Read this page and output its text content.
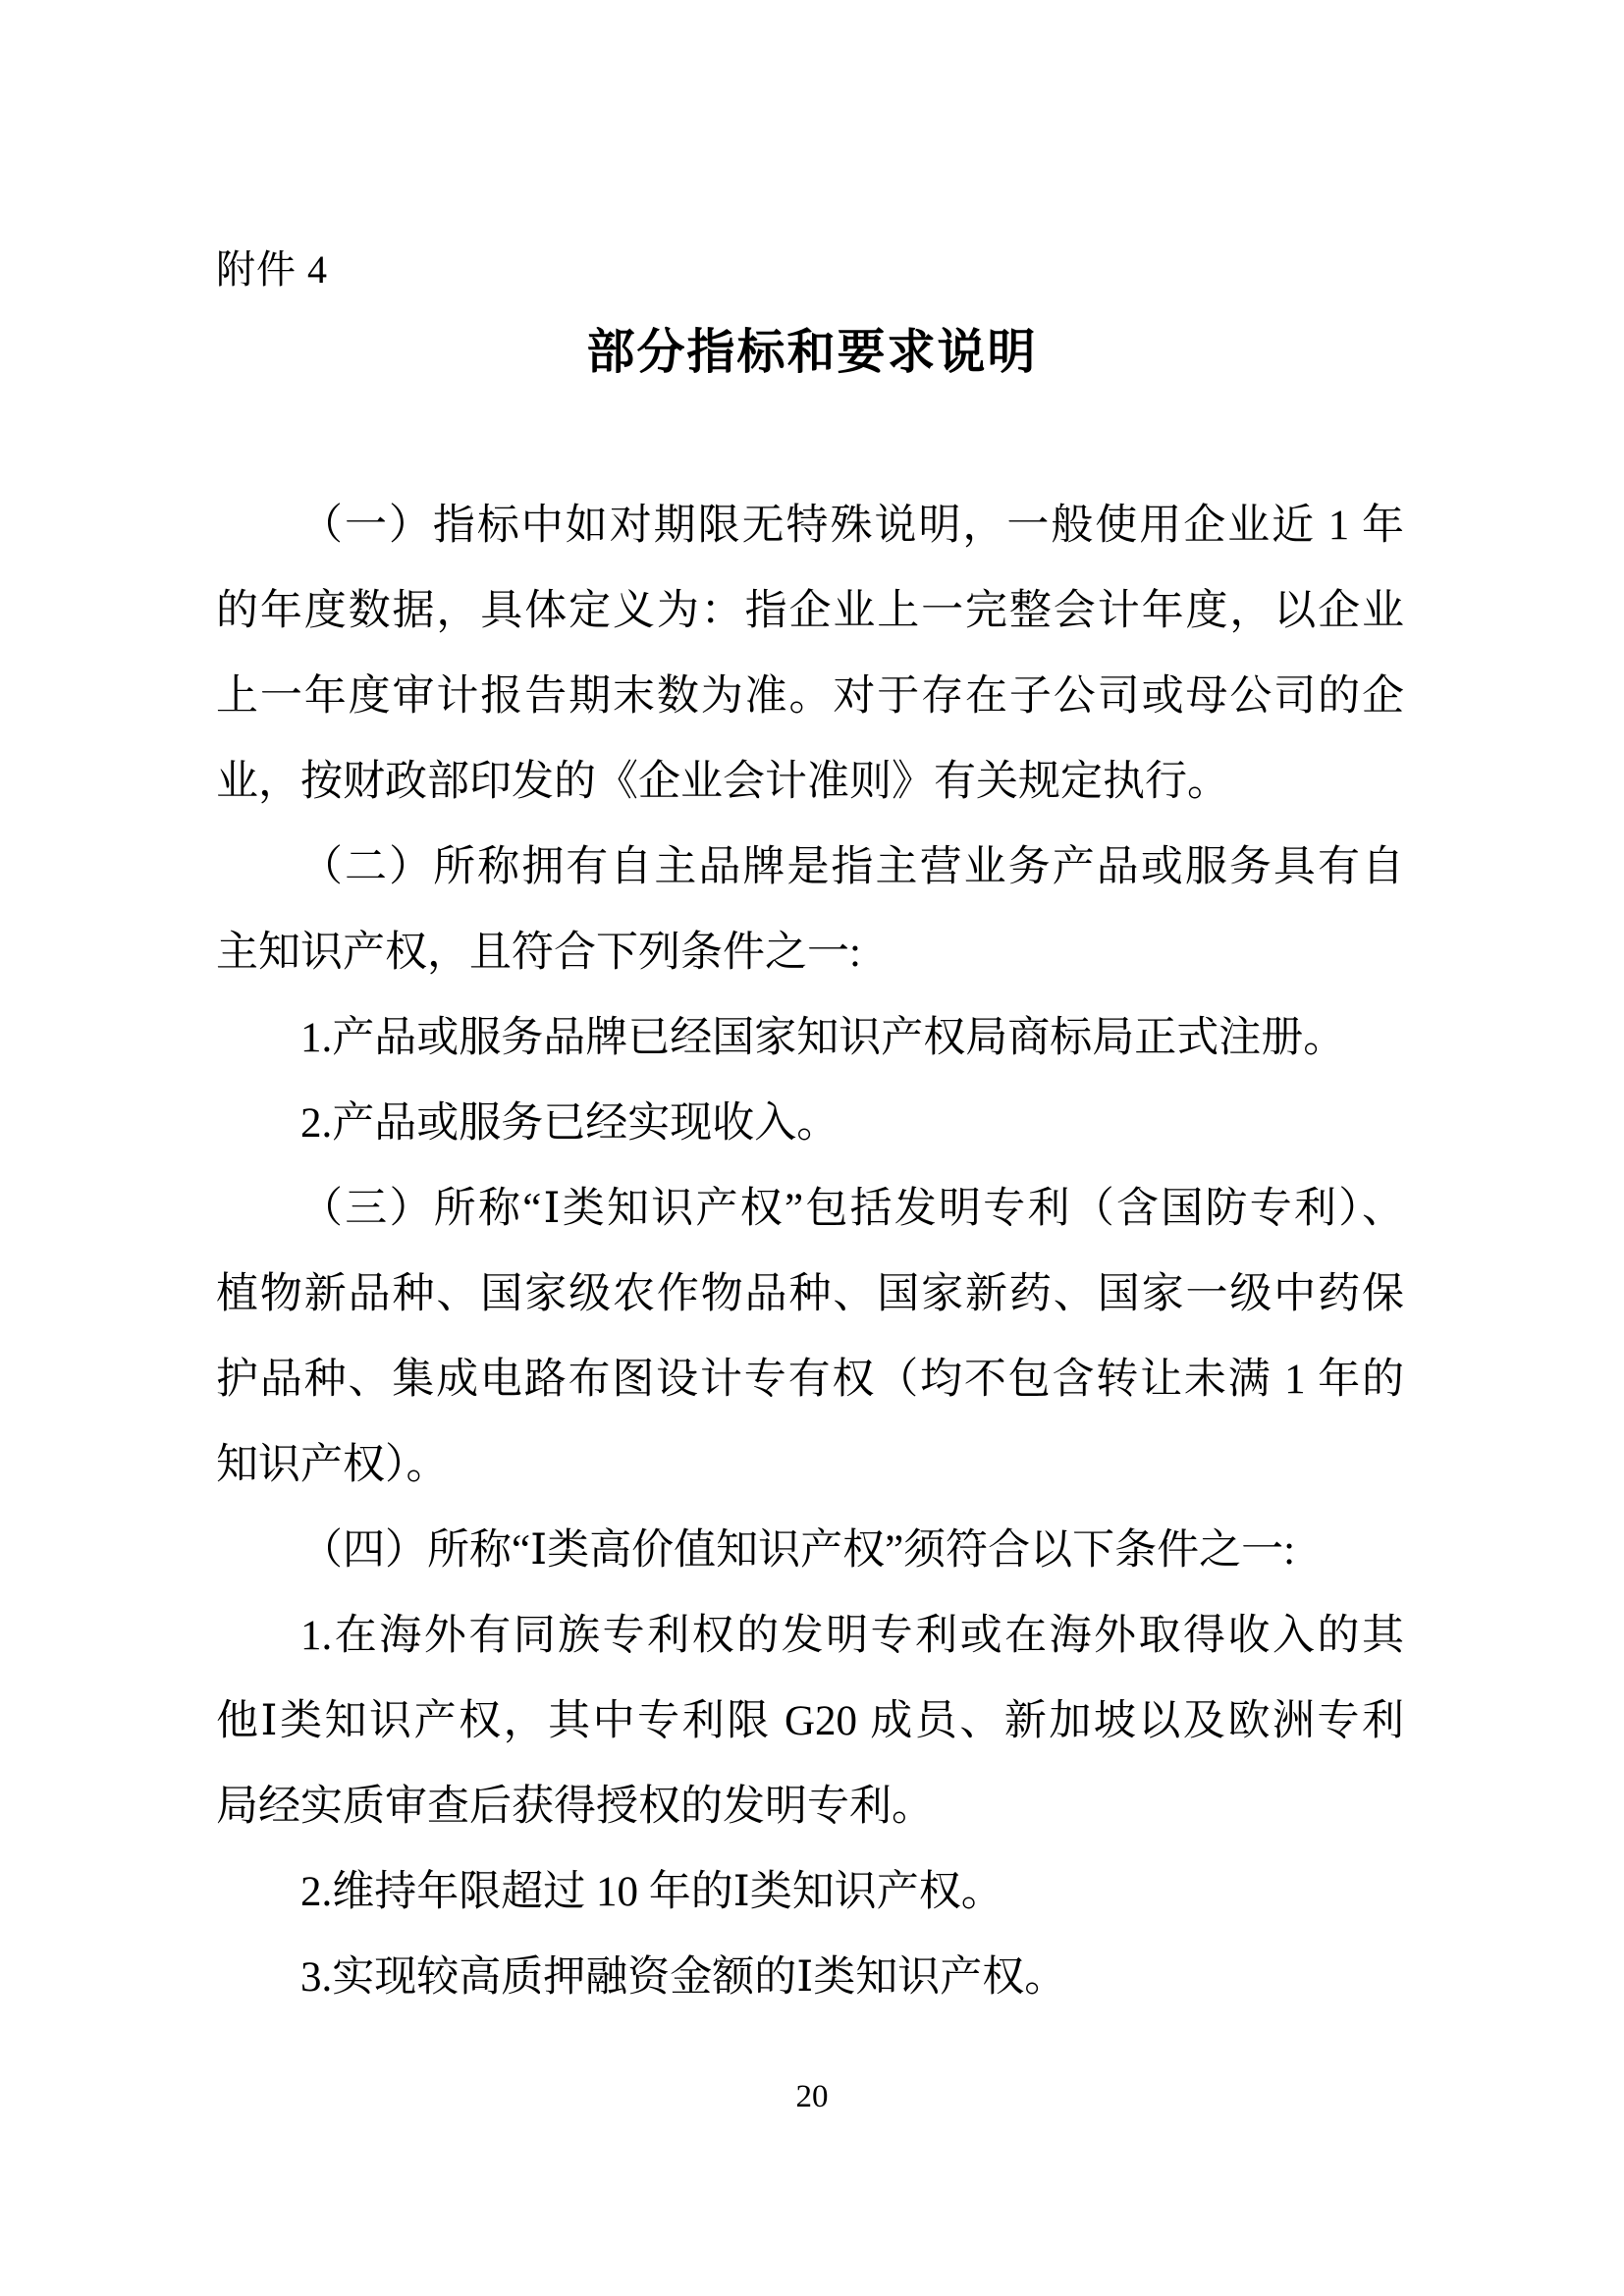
附件 4
部分指标和要求说明
（一）指标中如对期限无特殊说明，一般使用企业近 1 年
的年度数据，具体定义为：指企业上一完整会计年度，以企业
上一年度审计报告期末数为准。对于存在子公司或母公司的企
业，按财政部印发的《企业会计准则》有关规定执行。
（二）所称拥有自主品牌是指主营业务产品或服务具有自
主知识产权，且符合下列条件之一:
1.产品或服务品牌已经国家知识产权局商标局正式注册。
2.产品或服务已经实现收入。
（三）所称“Ⅰ类知识产权”包括发明专利（含国防专利）、
植物新品种、国家级农作物品种、国家新药、国家一级中药保
护品种、集成电路布图设计专有权（均不包含转让未满 1 年的
知识产权）。
（四）所称“Ⅰ类高价值知识产权”须符合以下条件之一:
1.在海外有同族专利权的发明专利或在海外取得收入的其
他Ⅰ类知识产权，其中专利限 G20 成员、新加坡以及欧洲专利
局经实质审查后获得授权的发明专利。
2.维持年限超过 10 年的Ⅰ类知识产权。
3.实现较高质押融资金额的Ⅰ类知识产权。
20
